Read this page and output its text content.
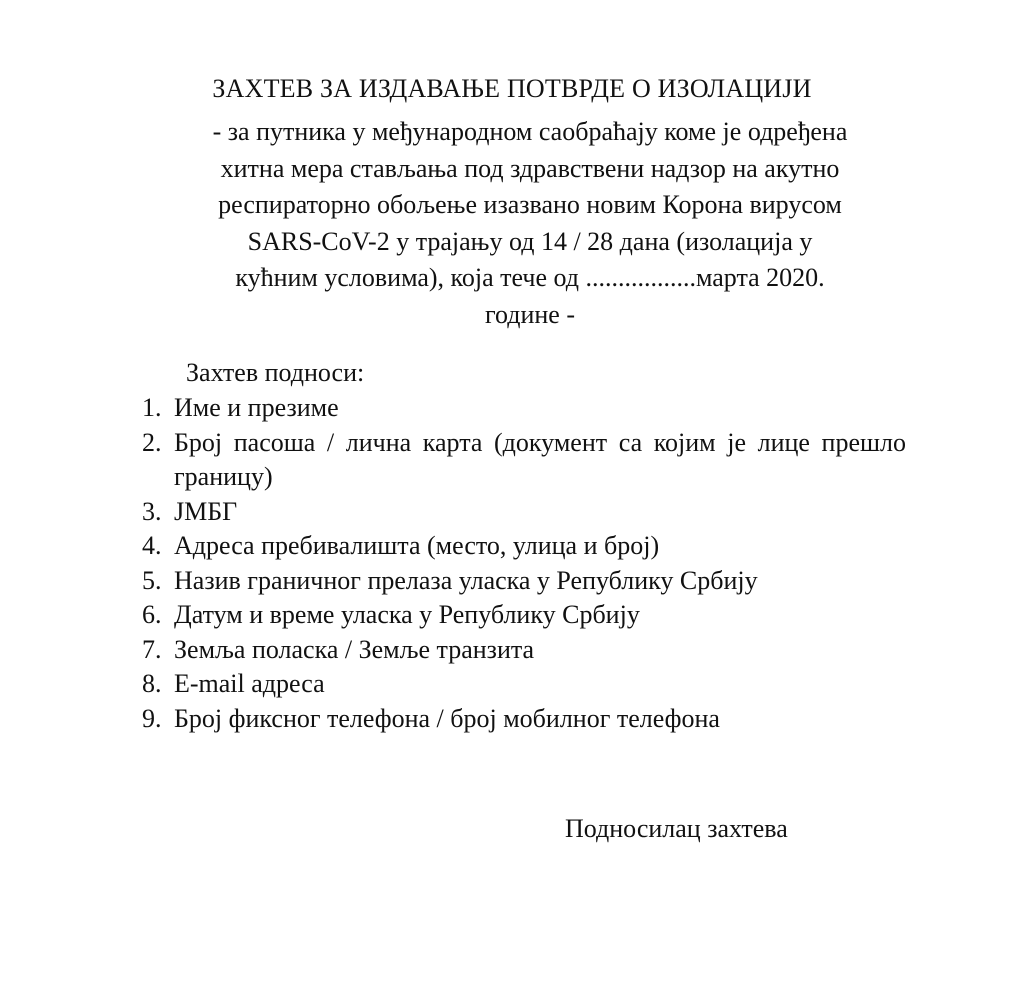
ЗАХТЕВ ЗА ИЗДАВАЊЕ ПОТВРДЕ О ИЗОЛАЦИЈИ
- за путника у међународном саобраћају коме је одређена
хитна мера стављања под здравствени надзор на акутно
респираторно обољење изазвано новим Корона вирусом
SARS-CoV-2 у трајању од 14 / 28 дана (изолација у
кућним условима), која тече од .................марта 2020.
године -
Захтев подноси:
1. Име и презиме
2. Број пасоша / лична карта (документ са којим је лице прешло границу)
3. ЈМБГ
4. Адреса пребивалишта (место, улица и број)
5. Назив граничног прелаза уласка у Републику Србију
6. Датум и време уласка у Републику Србију
7. Земља поласка / Земље транзита
8. E-mail адреса
9. Број фиксног телефона / број мобилног телефона
Подносилац захтева
